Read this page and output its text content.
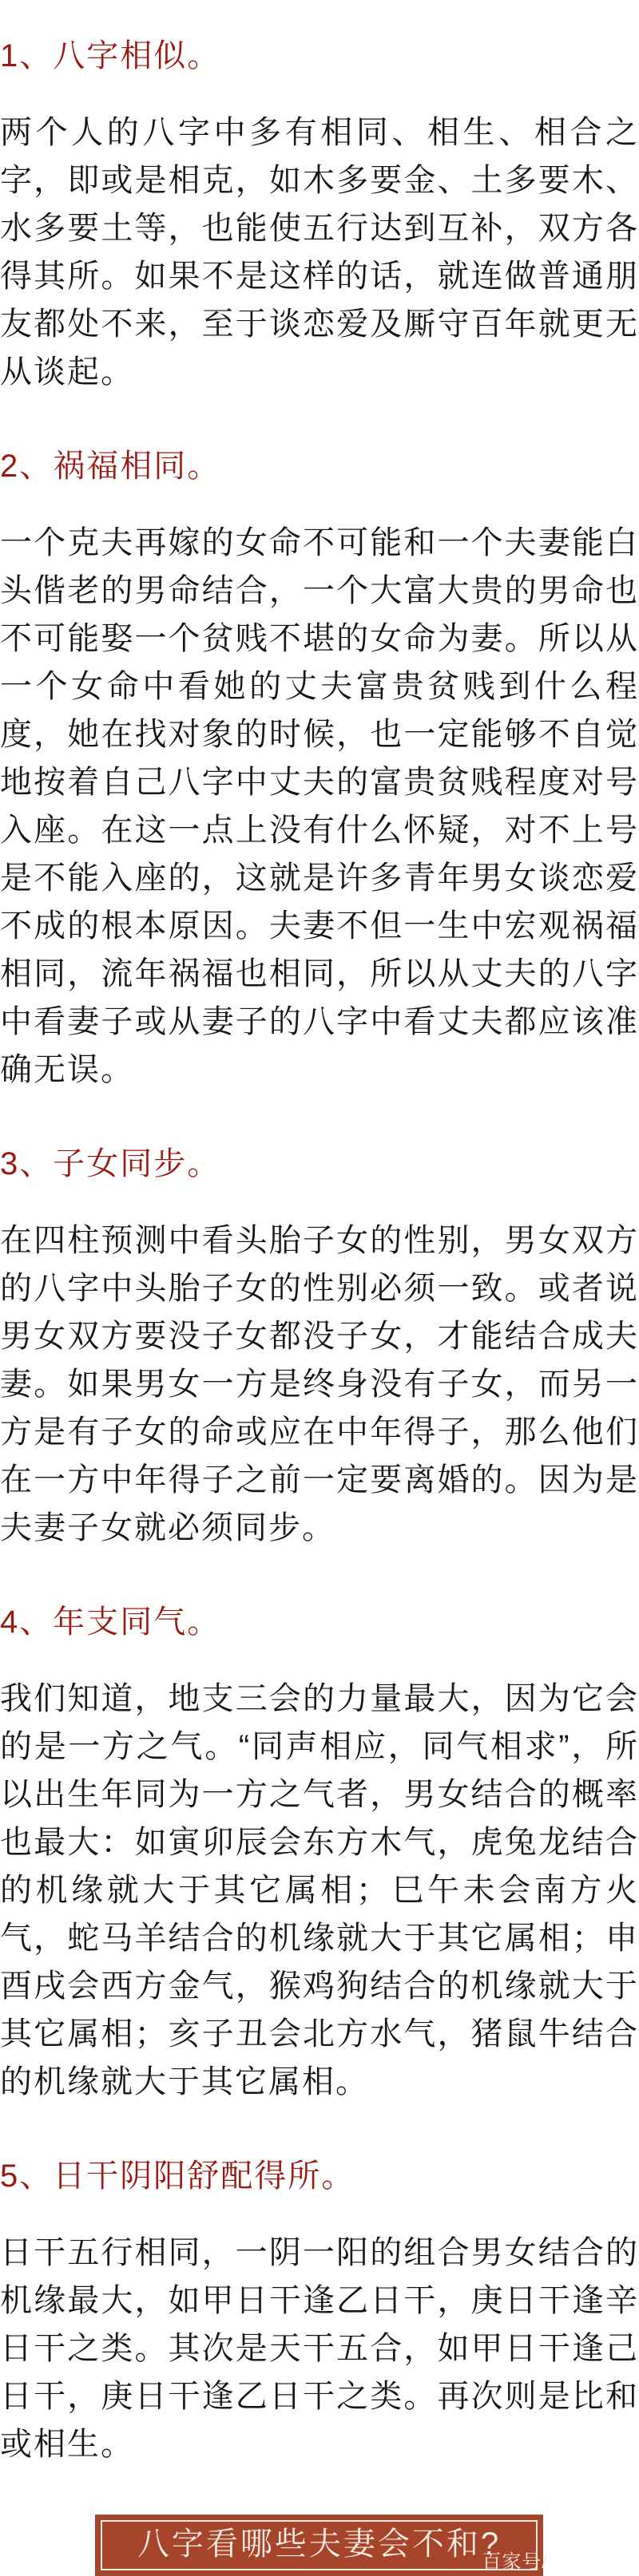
1、八字相似。

两个人的八字中多有相同、相生、相合之字，即或是相克，如木多要金、土多要木、水多要土等，也能使五行达到互补，双方各得其所。如果不是这样的话，就连做普通朋友都处不来，至于谈恋爱及厮守百年就更无从谈起。

2、祸福相同。

一个克夫再嫁的女命不可能和一个夫妻能白头偕老的男命结合，一个大富大贵的男命也不可能娶一个贫贱不堪的女命为妻。所以从一个女命中看她的丈夫富贵贫贱到什么程度，她在找对象的时候，也一定能够不自觉地按着自己八字中丈夫的富贵贫贱程度对号入座。在这一点上没有什么怀疑，对不上号是不能入座的，这就是许多青年男女谈恋爱不成的根本原因。夫妻不但一生中宏观祸福相同，流年祸福也相同，所以从丈夫的八字中看妻子或从妻子的八字中看丈夫都应该准确无误。

3、子女同步。

在四柱预测中看头胎子女的性别，男女双方的八字中头胎子女的性别必须一致。或者说男女双方要没子女都没子女，才能结合成夫妻。如果男女一方是终身没有子女，而另一方是有子女的命或应在中年得子，那么他们在一方中年得子之前一定要离婚的。因为是夫妻子女就必须同步。

4、年支同气。

我们知道，地支三会的力量最大，因为它会的是一方之气。“同声相应，同气相求”，所以出生年同为一方之气者，男女结合的概率也最大：如寅卯辰会东方木气，虎兔龙结合的机缘就大于其它属相；巳午未会南方火气，蛇马羊结合的机缘就大于其它属相；申酉戌会西方金气，猴鸡狗结合的机缘就大于其它属相；亥子丑会北方水气，猪鼠牛结合的机缘就大于其它属相。

5、日干阴阳舒配得所。

日干五行相同，一阴一阳的组合男女结合的机缘最大，如甲日干逢乙日干，庚日干逢辛日干之类。其次是天干五合，如甲日干逢己日干，庚日干逢乙日干之类。再次则是比和或相生。

八字看哪些夫妻会不和?
百家号/
